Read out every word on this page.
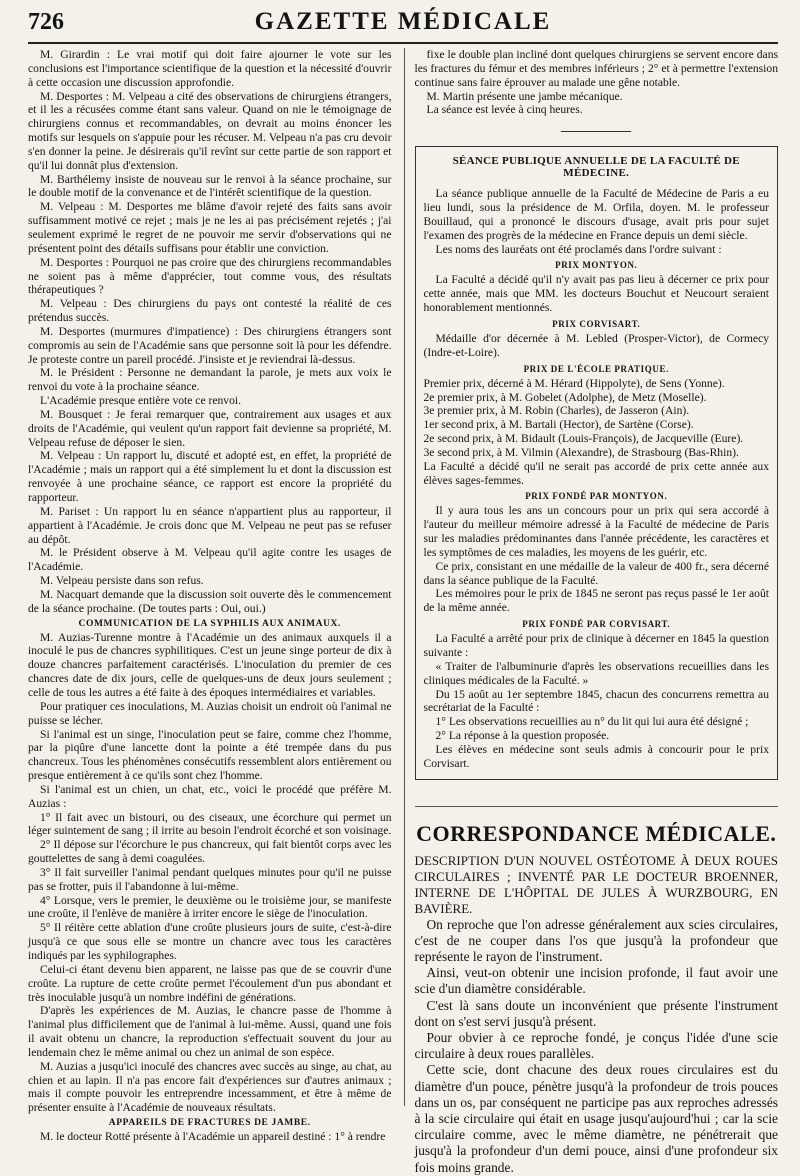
726	GAZETTE MÉDICALE

M. Girardin : Le vrai motif qui doit faire ajourner le vote sur les conclusions est l'importance scientifique de la question et la nécessité d'ouvrir à cette occasion une discussion approfondie.

M. Desportes : M. Velpeau a cité des observations de chirurgiens étrangers, et il les a récusées comme étant sans valeur. Quand on nie le témoignage de chirurgiens connus et recommandables, on devrait au moins énoncer les motifs sur lesquels on s'appuie pour les récuser. M. Velpeau n'a pas cru devoir s'en donner la peine. Je désirerais qu'il revînt sur cette partie de son rapport et qu'il lui donnât plus d'extension.

M. Barthélemy insiste de nouveau sur le renvoi à la séance prochaine, sur le double motif de la convenance et de l'intérêt scientifique de la question.

M. Velpeau : M. Desportes me blâme d'avoir rejeté des faits sans avoir suffisamment motivé ce rejet ; mais je ne les ai pas précisément rejetés ; j'ai seulement exprimé le regret de ne pouvoir me servir d'observations qui ne présentent point des détails suffisans pour établir une conviction.

M. Desportes : Pourquoi ne pas croire que des chirurgiens recommandables ne soient pas à même d'apprécier, tout comme vous, des résultats thérapeutiques ?

M. Velpeau : Des chirurgiens du pays ont contesté la réalité de ces prétendus succès.

M. Desportes (murmures d'impatience) : Des chirurgiens étrangers sont compromis au sein de l'Académie sans que personne soit là pour les défendre. Je proteste contre un pareil procédé. J'insiste et je reviendrai là-dessus.

M. le Président : Personne ne demandant la parole, je mets aux voix le renvoi du vote à la prochaine séance.

L'Académie presque entière vote ce renvoi.

M. Bousquet : Je ferai remarquer que, contrairement aux usages et aux droits de l'Académie, qui veulent qu'un rapport fait devienne sa propriété, M. Velpeau refuse de déposer le sien.

M. Velpeau : Un rapport lu, discuté et adopté est, en effet, la propriété de l'Académie ; mais un rapport qui a été simplement lu et dont la discussion est renvoyée à une prochaine séance, ce rapport est encore la propriété du rapporteur.

M. Pariset : Un rapport lu en séance n'appartient plus au rapporteur, il appartient à l'Académie. Je crois donc que M. Velpeau ne peut pas se refuser au dépôt.

M. le Président observe à M. Velpeau qu'il agite contre les usages de l'Académie.

M. Velpeau persiste dans son refus.

M. Nacquart demande que la discussion soit ouverte dès le commencement de la séance prochaine. (De toutes parts : Oui, oui.)

COMMUNICATION DE LA SYPHILIS AUX ANIMAUX.

M. Auzias-Turenne montre à l'Académie un des animaux auxquels il a inoculé le pus de chancres syphilitiques. C'est un jeune singe porteur de dix à douze chancres parfaitement caractérisés. L'inoculation du premier de ces chancres date de dix jours, celle de quelques-uns de deux jours seulement ; celle de tous les autres a été faite à des époques intermédiaires et variables.

Pour pratiquer ces inoculations, M. Auzias choisit un endroit où l'animal ne puisse se lécher.

Si l'animal est un singe, l'inoculation peut se faire, comme chez l'homme, par la piqûre d'une lancette dont la pointe a été trempée dans du pus chancreux. Tous les phénomènes consécutifs ressemblent alors entièrement ou presque entièrement à ce qu'ils sont chez l'homme.

Si l'animal est un chien, un chat, etc., voici le procédé que préfère M. Auzias :

1° Il fait avec un bistouri, ou des ciseaux, une écorchure qui permet un léger suintement de sang ; il irrite au besoin l'endroit écorché et son voisinage.

2° Il dépose sur l'écorchure le pus chancreux, qui fait bientôt corps avec les gouttelettes de sang à demi coagulées.

3° Il fait surveiller l'animal pendant quelques minutes pour qu'il ne puisse pas se frotter, puis il l'abandonne à lui-même.

4° Lorsque, vers le premier, le deuxième ou le troisième jour, se manifeste une croûte, il l'enlève de manière à irriter encore le siège de l'inoculation.

5° Il réitère cette ablation d'une croûte plusieurs jours de suite, c'est-à-dire jusqu'à ce que sous elle se montre un chancre avec tous les caractères indiqués par les syphilographes.

Celui-ci étant devenu bien apparent, ne laisse pas que de se couvrir d'une croûte. La rupture de cette croûte permet l'écoulement d'un pus abondant et très inoculable jusqu'à un nombre indéfini de générations.

D'après les expériences de M. Auzias, le chancre passe de l'homme à l'animal plus difficilement que de l'animal à lui-même. Aussi, quand une fois il avait obtenu un chancre, la reproduction s'effectuait souvent du jour au lendemain chez le même animal ou chez un animal de son espèce.

M. Auzias a jusqu'ici inoculé des chancres avec succès au singe, au chat, au chien et au lapin. Il n'a pas encore fait d'expériences sur d'autres animaux ; mais il compte pouvoir les entreprendre incessamment, et être à même de présenter ensuite à l'Académie de nouveaux résultats.

APPAREILS DE FRACTURES DE JAMBE.

M. le docteur Rotté présente à l'Académie un appareil destiné : 1° à rendre

fixe le double plan incliné dont quelques chirurgiens se servent encore dans les fractures du fémur et des membres inférieurs ; 2° et à permettre l'extension continue sans faire éprouver au malade une gêne notable.

M. Martin présente une jambe mécanique.

La séance est levée à cinq heures.

SÉANCE PUBLIQUE ANNUELLE DE LA FACULTÉ DE MÉDECINE.

La séance publique annuelle de la Faculté de Médecine de Paris a eu lieu lundi, sous la présidence de M. Orfila, doyen. M. le professeur Bouillaud, qui a prononcé le discours d'usage, avait pris pour sujet l'examen des progrès de la médecine en France depuis un demi siècle.

Les noms des lauréats ont été proclamés dans l'ordre suivant :

PRIX MONTYON.

La Faculté a décidé qu'il n'y avait pas pas lieu à décerner ce prix pour cette année, mais que MM. les docteurs Bouchut et Neucourt seraient honorablement mentionnés.

PRIX CORVISART.

Médaille d'or décernée à M. Lebled (Prosper-Victor), de Cormecy (Indre-et-Loire).

PRIX DE L'ÉCOLE PRATIQUE.

Premier prix, décerné à M. Hérard (Hippolyte), de Sens (Yonne).

2e premier prix, à M. Gobelet (Adolphe), de Metz (Moselle).

3e premier prix, à M. Robin (Charles), de Jasseron (Ain).

1er second prix, à M. Bartali (Hector), de Sartène (Corse).

2e second prix, à M. Bidault (Louis-François), de Jacqueville (Eure).

3e second prix, à M. Vilmin (Alexandre), de Strasbourg (Bas-Rhin).

La Faculté a décidé qu'il ne serait pas accordé de prix cette année aux élèves sages-femmes.

PRIX FONDÉ PAR MONTYON.

Il y aura tous les ans un concours pour un prix qui sera accordé à l'auteur du meilleur mémoire adressé à la Faculté de médecine de Paris sur les maladies prédominantes dans l'année précédente, les caractères et les symptômes de ces maladies, les moyens de les guérir, etc.

Ce prix, consistant en une médaille de la valeur de 400 fr., sera décerné dans la séance publique de la Faculté.

Les mémoires pour le prix de 1845 ne seront pas reçus passé le 1er août de la même année.

PRIX FONDÉ PAR CORVISART.

La Faculté a arrêté pour prix de clinique à décerner en 1845 la question suivante :

« Traiter de l'albuminurie d'après les observations recueillies dans les cliniques médicales de la Faculté. »

Du 15 août au 1er septembre 1845, chacun des concurrens remettra au secrétariat de la Faculté :

1° Les observations recueillies au n° du lit qui lui aura été désigné ;

2° La réponse à la question proposée.

Les élèves en médecine sont seuls admis à concourir pour le prix Corvisart.

CORRESPONDANCE MÉDICALE.
DESCRIPTION D'UN NOUVEL OSTÉOTOME À DEUX ROUES CIRCULAIRES ; INVENTÉ PAR LE DOCTEUR BROENNER, INTERNE DE L'HÔPITAL DE JULES À WURZBOURG, EN BAVIÈRE.

On reproche que l'on adresse généralement aux scies circulaires, c'est de ne couper dans l'os que jusqu'à la profondeur que représente le rayon de l'instrument.

Ainsi, veut-on obtenir une incision profonde, il faut avoir une scie d'un diamètre considérable.

C'est là sans doute un inconvénient que présente l'instrument dont on s'est servi jusqu'à présent.

Pour obvier à ce reproche fondé, je conçus l'idée d'une scie circulaire à deux roues parallèles.

Cette scie, dont chacune des deux roues circulaires est du diamètre d'un pouce, pénètre jusqu'à la profondeur de trois pouces dans un os, par conséquent ne participe pas aux reproches adressés à la scie circulaire qui était en usage jusqu'aujourd'hui ; car la scie circulaire comme, avec le même diamètre, ne pénétrerait que jusqu'à la profondeur d'un demi pouce, ainsi d'une profondeur six fois moins grande.
